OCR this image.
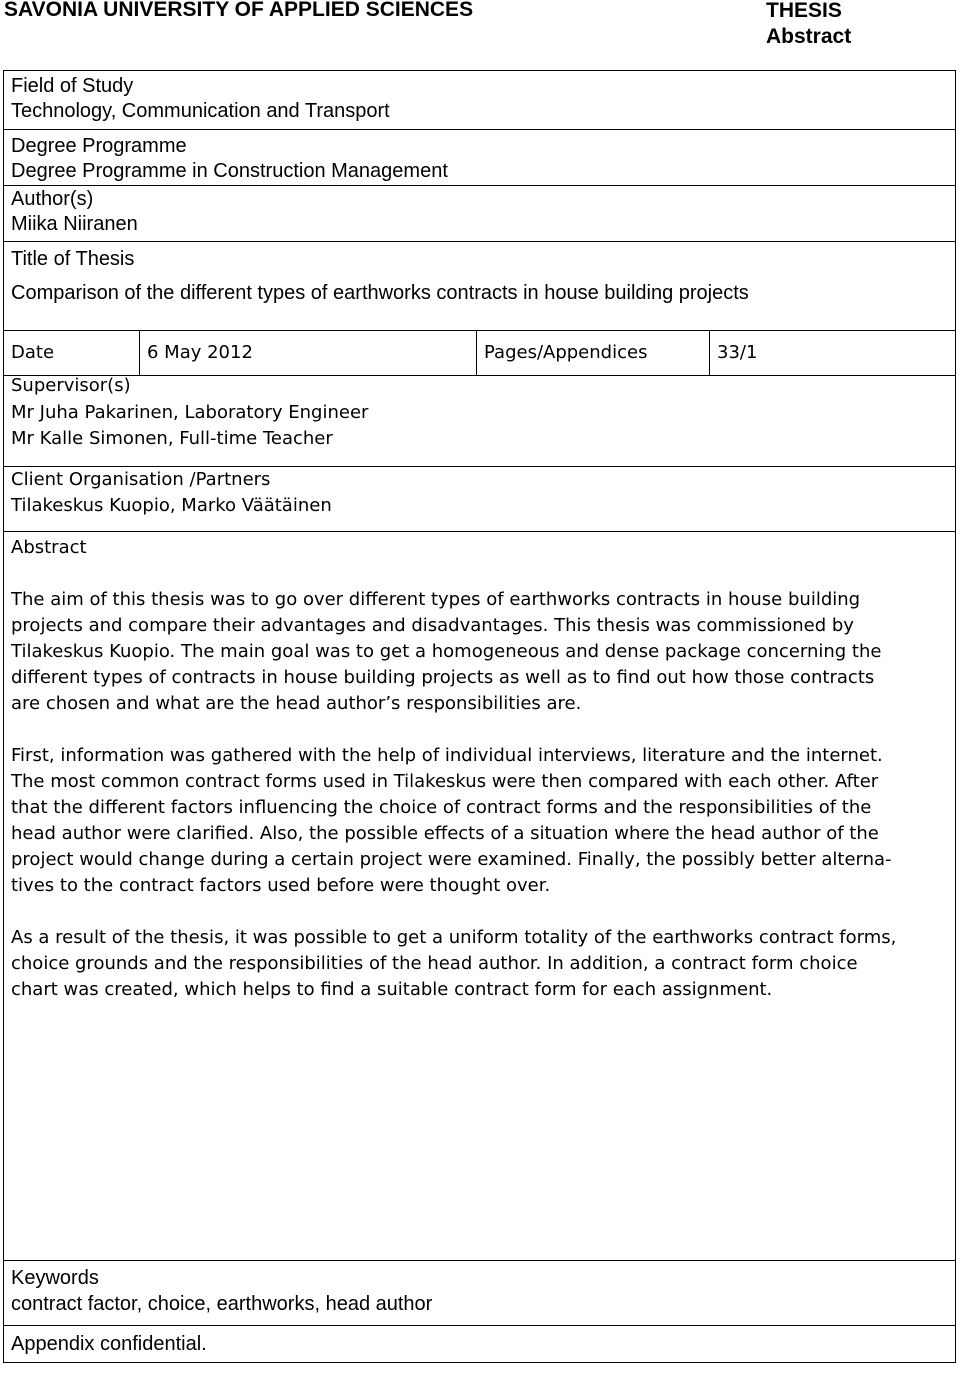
SAVONIA UNIVERSITY OF APPLIED SCIENCES	THESIS
Abstract
Field of Study
Technology, Communication and Transport
Degree Programme
Degree Programme in Construction Management
Author(s)
Miika Niiranen
Title of Thesis
Comparison of the different types of earthworks contracts in house building projects
Date	6 May 2012	Pages/Appendices	33/1
Supervisor(s)
Mr Juha Pakarinen, Laboratory Engineer
Mr Kalle Simonen, Full-time Teacher
Client Organisation /Partners
Tilakeskus Kuopio, Marko Väätäinen
Abstract
The aim of this thesis was to go over different types of earthworks contracts in house building
projects and compare their advantages and disadvantages. This thesis was commissioned by
Tilakeskus Kuopio. The main goal was to get a homogeneous and dense package concerning the
different types of contracts in house building projects as well as to find out how those contracts
are chosen and what are the head author’s responsibilities are.
First, information was gathered with the help of individual interviews, literature and the internet.
The most common contract forms used in Tilakeskus were then compared with each other. After
that the different factors influencing the choice of contract forms and the responsibilities of the
head author were clarified. Also, the possible effects of a situation where the head author of the
project would change during a certain project were examined. Finally, the possibly better alterna-
tives to the contract factors used before were thought over.
As a result of the thesis, it was possible to get a uniform totality of the earthworks contract forms,
choice grounds and the responsibilities of the head author. In addition, a contract form choice
chart was created, which helps to find a suitable contract form for each assignment.
Keywords
contract factor, choice, earthworks, head author
Appendix confidential.
